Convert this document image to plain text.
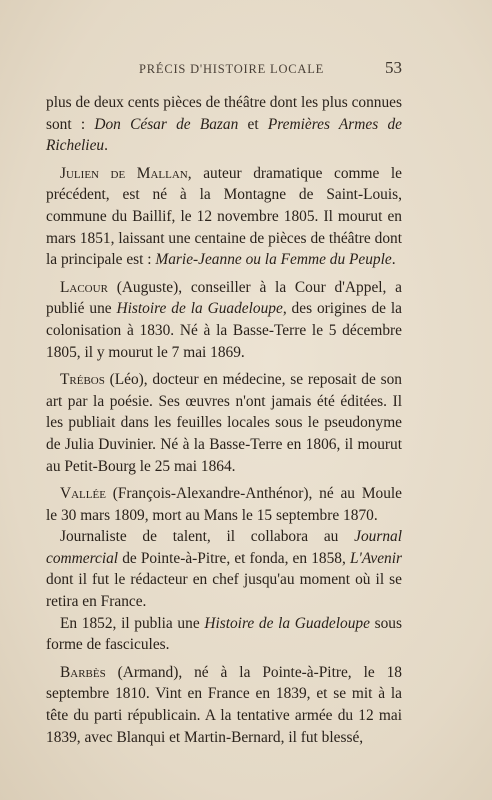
PRÉCIS D'HISTOIRE LOCALE	53

plus de deux cents pièces de théâtre dont les plus connues sont : Don César de Bazan et Premières Armes de Richelieu.

Julien de Mallan, auteur dramatique comme le précédent, est né à la Montagne de Saint-Louis, commune du Baillif, le 12 novembre 1805. Il mourut en mars 1851, laissant une centaine de pièces de théâtre dont la principale est : Marie-Jeanne ou la Femme du Peuple.

Lacour (Auguste), conseiller à la Cour d'Appel, a publié une Histoire de la Guadeloupe, des origines de la colonisation à 1830. Né à la Basse-Terre le 5 décembre 1805, il y mourut le 7 mai 1869.

Trébos (Léo), docteur en médecine, se reposait de son art par la poésie. Ses œuvres n'ont jamais été éditées. Il les publiait dans les feuilles locales sous le pseudonyme de Julia Duvinier. Né à la Basse-Terre en 1806, il mourut au Petit-Bourg le 25 mai 1864.

Vallée (François-Alexandre-Anthénor), né au Moule le 30 mars 1809, mort au Mans le 15 septembre 1870.

Journaliste de talent, il collabora au Journal commercial de Pointe-à-Pitre, et fonda, en 1858, L'Avenir dont il fut le rédacteur en chef jusqu'au moment où il se retira en France.

En 1852, il publia une Histoire de la Guadeloupe sous forme de fascicules.

Barbès (Armand), né à la Pointe-à-Pitre, le 18 septembre 1810. Vint en France en 1839, et se mit à la tête du parti républicain. A la tentative armée du 12 mai 1839, avec Blanqui et Martin-Bernard, il fut blessé,
